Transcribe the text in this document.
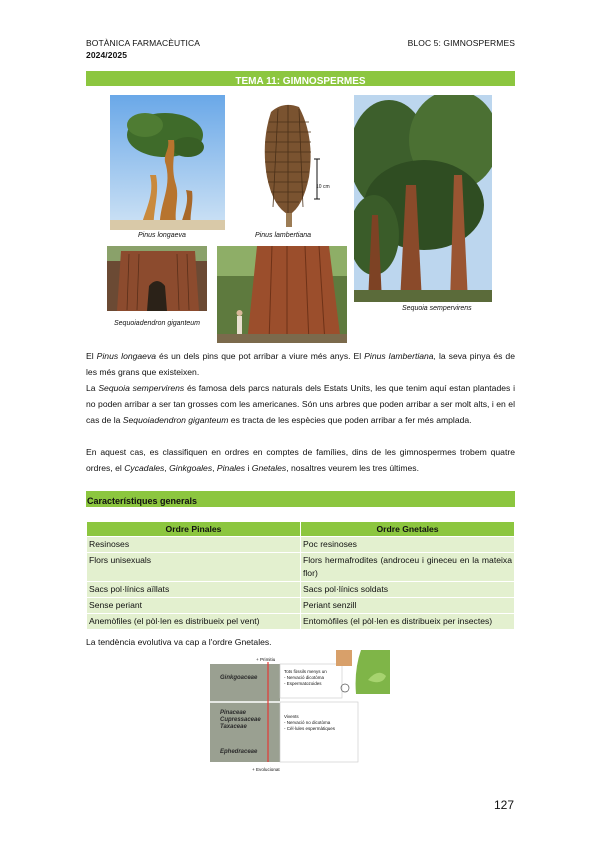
BOTÀNICA FARMACÈUTICA
2024/2025
BLOC 5: GIMNOSPERMES
TEMA 11: GIMNOSPERMES
Pinus longaeva
10 cm
Pinus lambertiana
Sequoia sempervirens
Sequoiadendron giganteum
El Pinus longaeva és un dels pins que pot arribar a viure més anys. El Pinus lambertiana, la seva pinya és de les més grans que existeixen.
La Sequoia sempervirens és famosa dels parcs naturals dels Estats Units, les que tenim aquí estan plantades i no poden arribar a ser tan grosses com les americanes. Són uns arbres que poden arribar a ser molt alts, i en el cas de la Sequoiadendron giganteum es tracta de les espècies que poden arribar a fer més amplada.
En aquest cas, es classifiquen en ordres en comptes de famílies, dins de les gimnospermes trobem quatre ordres, el Cycadales, Ginkgoales, Pinales i Gnetales, nosaltres veurem les tres últimes.
Característiques generals
Ordre Pinales	Ordre Gnetales
Resinoses	Poc resinoses
Flors unisexuals	Flors hermafrodites (androceu i gineceu en la mateixa flor)
Sacs pol·línics aïllats	Sacs pol·línics soldats
Sense periant	Periant senzill
Anemòfiles (el pòl·len es distribueix pel vent)	Entomòfiles (el pòl·len es distribueix per insectes)
La tendència evolutiva va cap a l'ordre Gnetales.
+ Primitiu
Ginkgoaceae
Pinaceae
Cupressaceae
Taxaceae
Ephedraceae
Tots fòssils menys un
- Nervació dicotòma
- Espermatozoides
Vivents
- Nervació no dicotòma
- Cèl·lules espermàtiques
+ Evolucionat
127
